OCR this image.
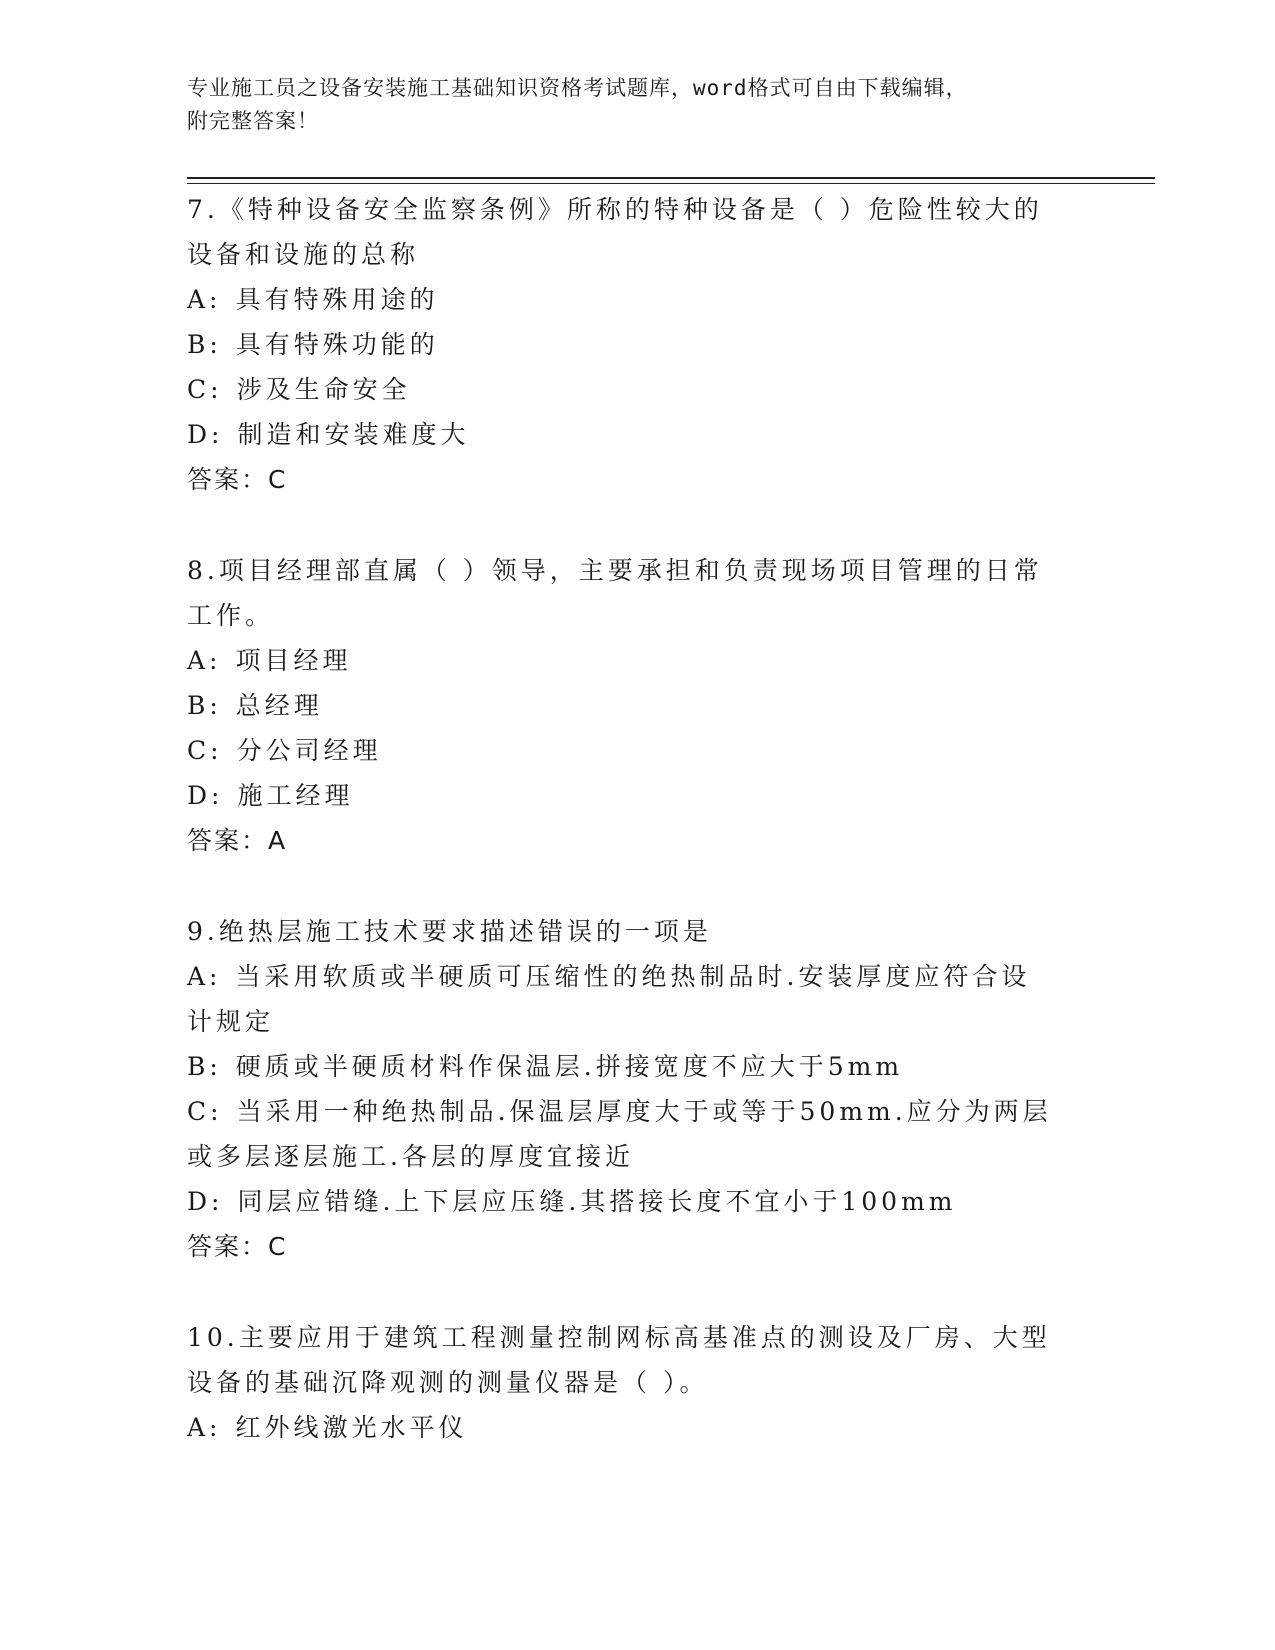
专业施工员之设备安装施工基础知识资格考试题库，word格式可自由下载编辑，
附完整答案！

7.《特种设备安全监察条例》所称的特种设备是（ ）危险性较大的设备和设施的总称

A: 具有特殊用途的

B: 具有特殊功能的

C: 涉及生命安全

D: 制造和安装难度大

答案：C

8.项目经理部直属（ ）领导，主要承担和负责现场项目管理的日常工作。

A: 项目经理

B: 总经理

C: 分公司经理

D: 施工经理

答案：A

9.绝热层施工技术要求描述错误的一项是

A: 当采用软质或半硬质可压缩性的绝热制品时.安装厚度应符合设计规定

B: 硬质或半硬质材料作保温层.拼接宽度不应大于5mm

C: 当采用一种绝热制品.保温层厚度大于或等于50mm.应分为两层或多层逐层施工.各层的厚度宜接近

D: 同层应错缝.上下层应压缝.其搭接长度不宜小于100mm

答案：C

10.主要应用于建筑工程测量控制网标高基准点的测设及厂房、大型设备的基础沉降观测的测量仪器是（ ）。

A: 红外线激光水平仪
